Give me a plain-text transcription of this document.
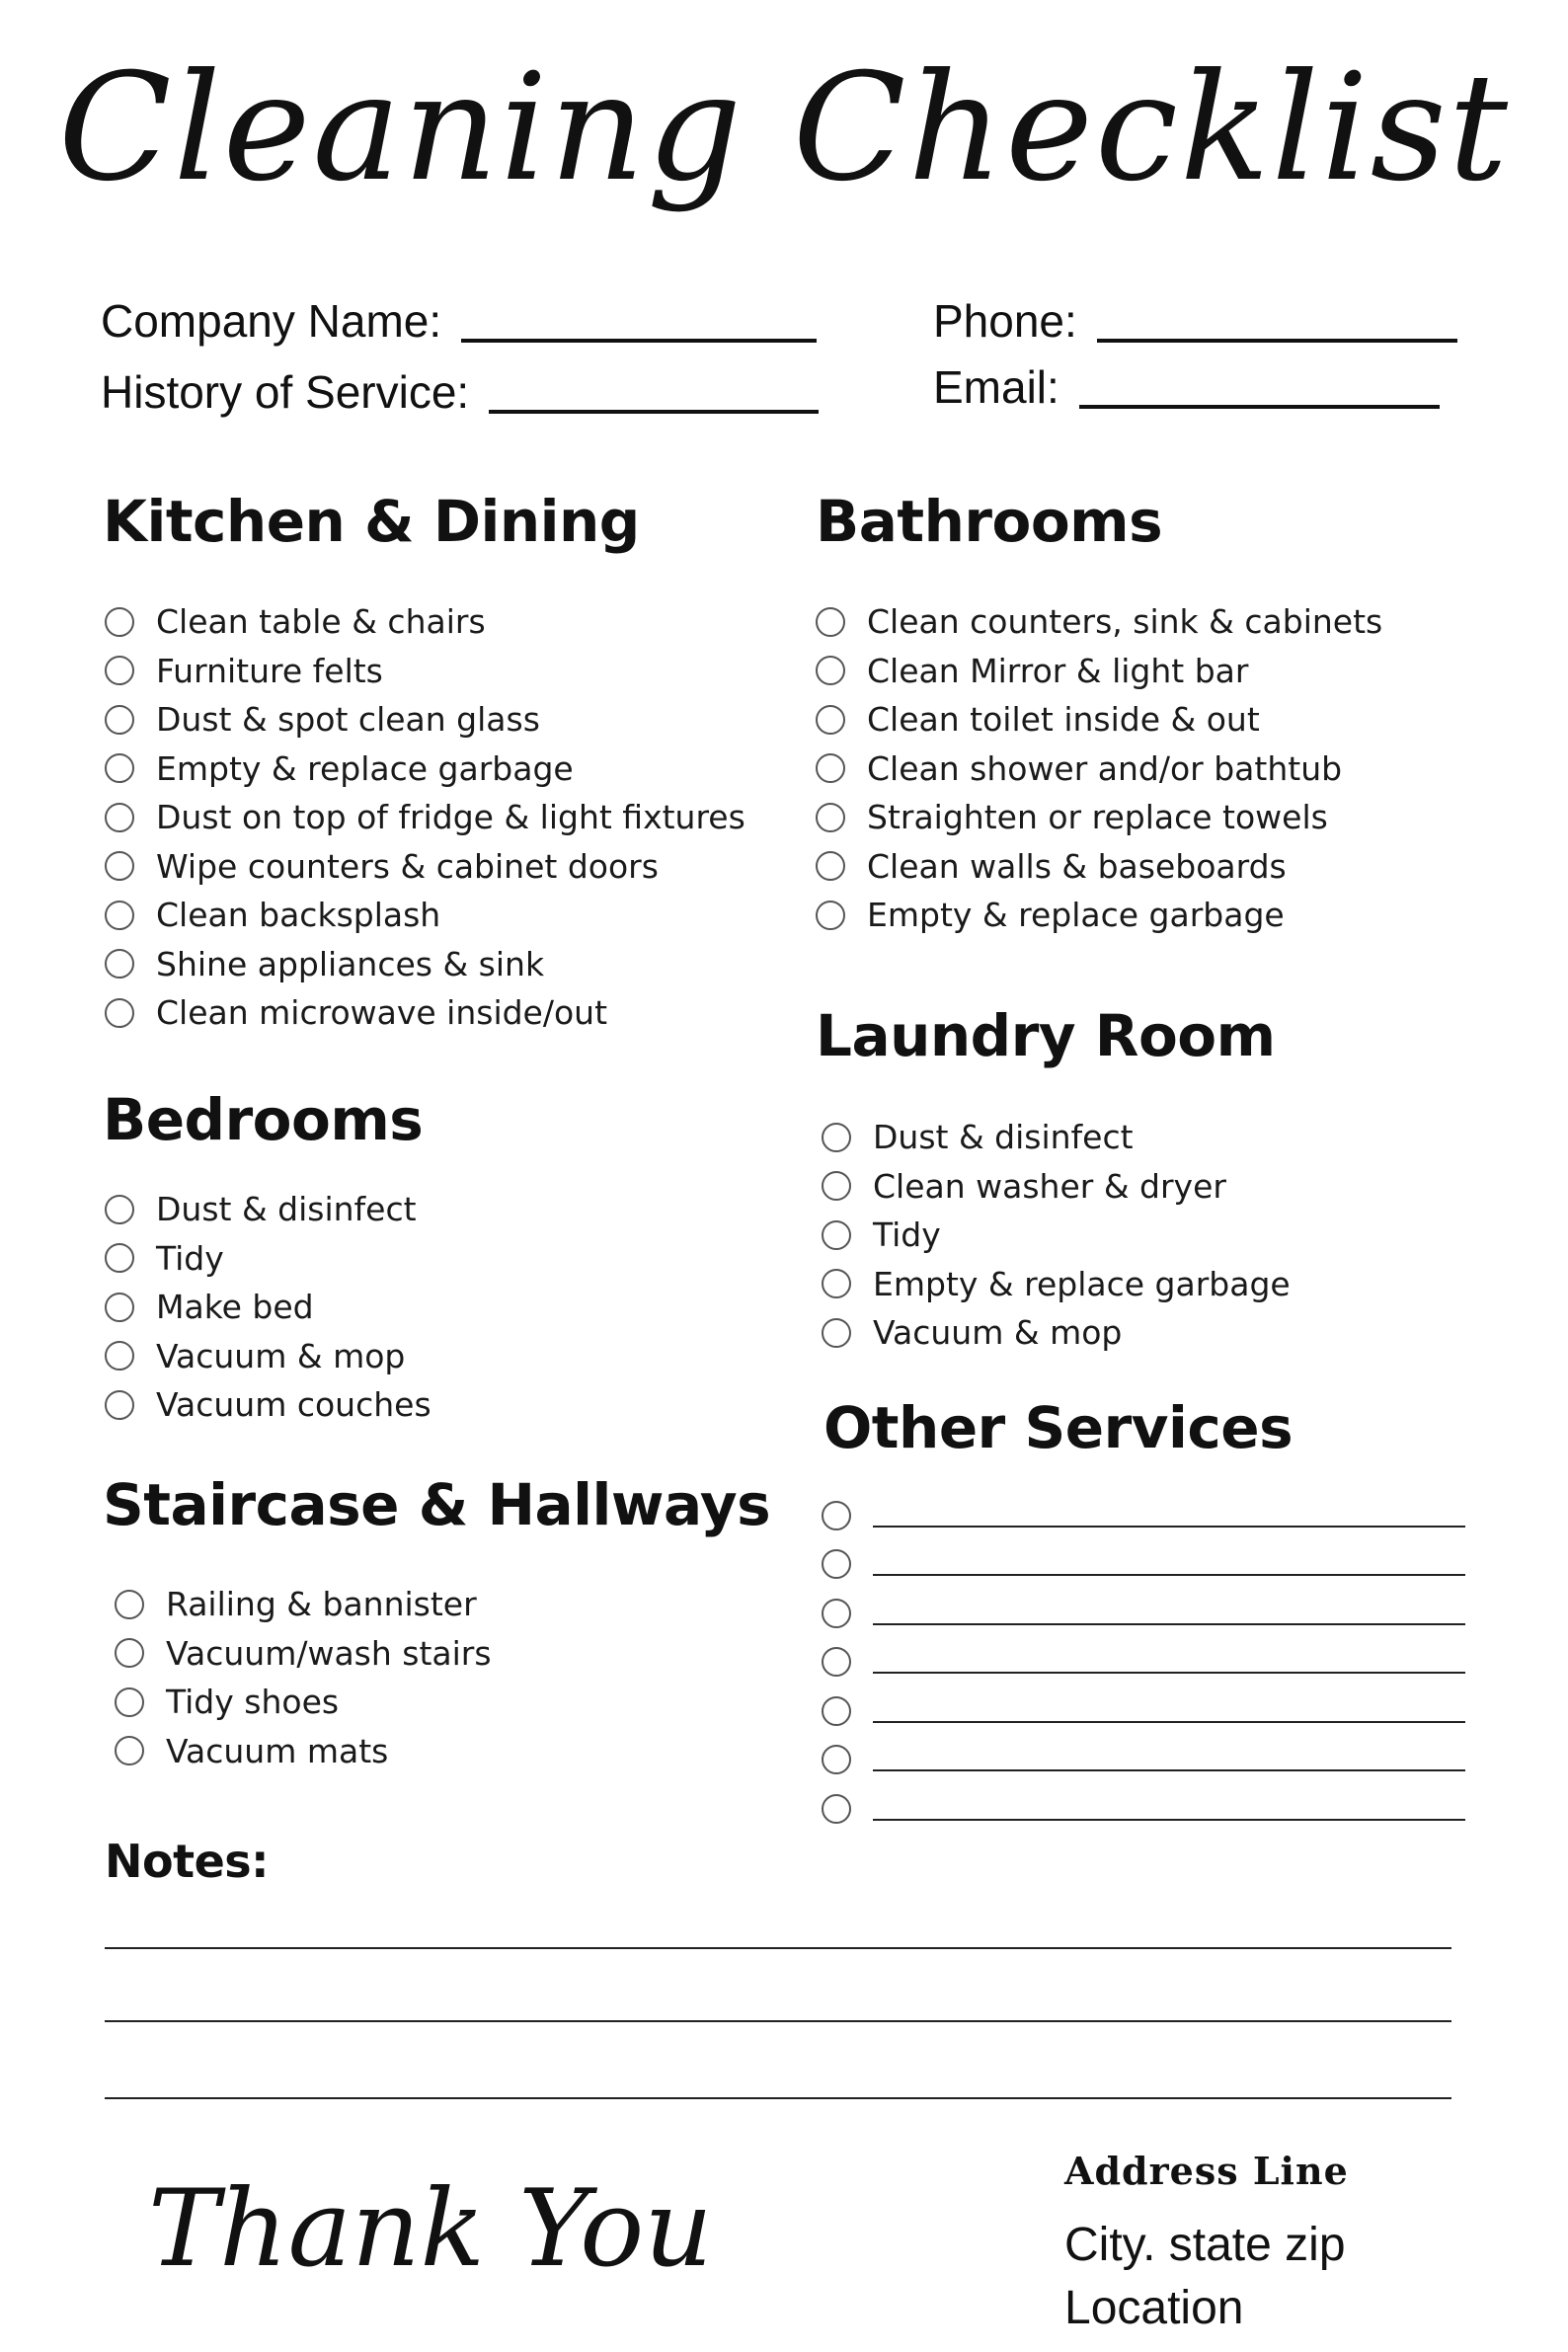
Cleaning Checklist
Company Name:
History of Service:
Phone:
Email:
Kitchen & Dining
Clean table & chairs
Furniture felts
Dust & spot clean glass
Empty & replace garbage
Dust on top of fridge & light fixtures
Wipe counters & cabinet doors
Clean backsplash
Shine appliances & sink
Clean microwave inside/out
Bedrooms
Dust & disinfect
Tidy
Make bed
Vacuum & mop
Vacuum couches
Staircase & Hallways
Railing & bannister
Vacuum/wash stairs
Tidy shoes
Vacuum mats
Bathrooms
Clean counters, sink & cabinets
Clean Mirror & light bar
Clean toilet inside & out
Clean shower and/or bathtub
Straighten or replace towels
Clean walls & baseboards
Empty & replace garbage
Laundry Room
Dust & disinfect
Clean washer & dryer
Tidy
Empty & replace garbage
Vacuum & mop
Other Services
Notes:
Thank You	Address Line
City. state zip
Location
